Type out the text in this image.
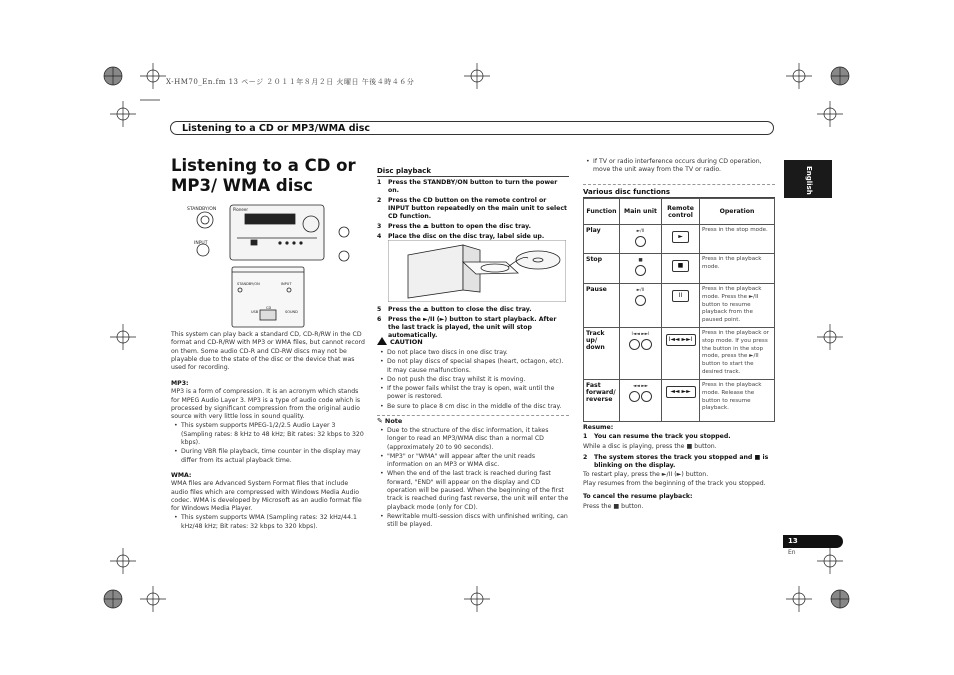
X-HM70_En.fm 13 ページ ２０１１年８月２日 火曜日 午後４時４６分
Listening to a CD or MP3/WMA disc
English
Listening to a CD or MP3/ WMA disc
STANDBY/ON
INPUT
Pioneer
STANDBY/ON	INPUT
USB
CD
SOUND
This system can play back a standard CD, CD-R/RW in the CD format and CD-R/RW with MP3 or WMA files, but cannot record on them. Some audio CD-R and CD-RW discs may not be playable due to the state of the disc or the device that was used for recording.
MP3:
MP3 is a form of compression. It is an acronym which stands for MPEG Audio Layer 3. MP3 is a type of audio code which is processed by significant compression from the original audio source with very little loss in sound quality.
• This system supports MPEG-1/2/2.5 Audio Layer 3 (Sampling rates: 8 kHz to 48 kHz; Bit rates: 32 kbps to 320 kbps).
• During VBR file playback, time counter in the display may differ from its actual playback time.
WMA:
WMA files are Advanced System Format files that include audio files which are compressed with Windows Media Audio codec. WMA is developed by Microsoft as an audio format file for Windows Media Player.
• This system supports WMA (Sampling rates: 32 kHz/44.1 kHz/48 kHz; Bit rates: 32 kbps to 320 kbps).
Disc playback
1 Press the STANDBY/ON button to turn the power on.
2 Press the CD button on the remote control or INPUT button repeatedly on the main unit to select CD function.
3 Press the ⏏ button to open the disc tray.
4 Place the disc on the disc tray, label side up.
5 Press the ⏏ button to close the disc tray.
6 Press the ►/II (►) button to start playback. After the last track is played, the unit will stop automatically.
CAUTION
• Do not place two discs in one disc tray.
• Do not play discs of special shapes (heart, octagon, etc). It may cause malfunctions.
• Do not push the disc tray whilst it is moving.
• If the power fails whilst the tray is open, wait until the power is restored.
• Be sure to place 8 cm disc in the middle of the disc tray.
✎ Note
• Due to the structure of the disc information, it takes longer to read an MP3/WMA disc than a normal CD (approximately 20 to 90 seconds).
• "MP3" or "WMA" will appear after the unit reads information on an MP3 or WMA disc.
• When the end of the last track is reached during fast forward, "END" will appear on the display and CD operation will be paused. When the beginning of the first track is reached during fast reverse, the unit will enter the playback mode (only for CD).
• Rewritable multi-session discs with unfinished writing, can still be played.
• If TV or radio interference occurs during CD operation, move the unit away from the TV or radio.
Various disc functions
Function	Main unit	Remote control	Operation
Play	►/II	►	Press in the stop mode.
Stop	■	■	Press in the playback mode.
Pause	►/II	II	Press in the playback mode. Press the ►/II button to resume playback from the paused point.
Track up/ down	I◄◄ ►►I	I◄◄ ►►I	Press in the playback or stop mode. If you press the button in the stop mode, press the ►/II button to start the desired track.
Fast forward/ reverse	◄◄ ►►	◄◄ ►►	Press in the playback mode. Release the button to resume playback.
Resume:
1 You can resume the track you stopped.
While a disc is playing, press the ■ button.
2 The system stores the track you stopped and ■ is blinking on the display.
To restart play, press the ►/II (►) button.
Play resumes from the beginning of the track you stopped.
To cancel the resume playback:
Press the ■ button.
13
En
